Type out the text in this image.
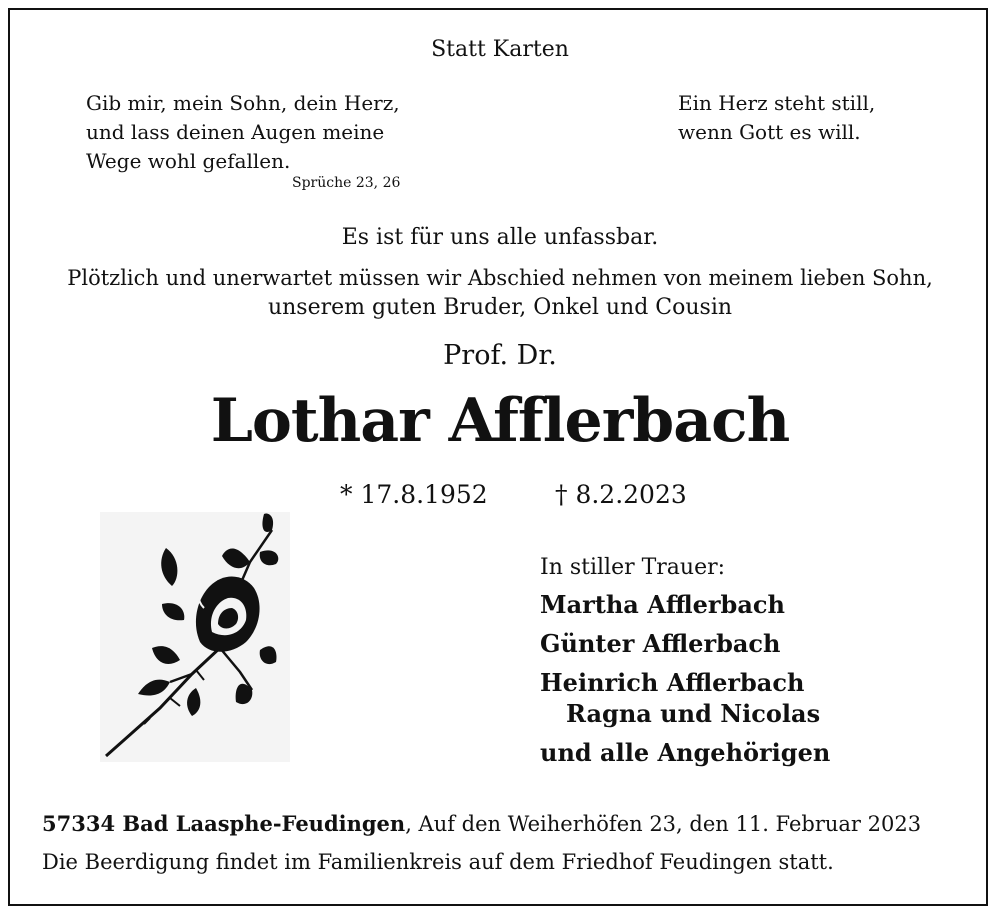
Statt Karten
Gib mir, mein Sohn, dein Herz,
und lass deinen Augen meine
Wege wohl gefallen.
Sprüche 23, 26
Ein Herz steht still,
wenn Gott es will.
Es ist für uns alle unfassbar.
Plötzlich und unerwartet müssen wir Abschied nehmen von meinem lieben Sohn,
unserem guten Bruder, Onkel und Cousin
Prof. Dr.
Lothar Afflerbach
* 17.8.1952	† 8.2.2023
In stiller Trauer:
Martha Afflerbach
Günter Afflerbach
Heinrich Afflerbach
Ragna und Nicolas
und alle Angehörigen
57334 Bad Laasphe-Feudingen, Auf den Weiherhöfen 23, den 11. Februar 2023
Die Beerdigung findet im Familienkreis auf dem Friedhof Feudingen statt.
